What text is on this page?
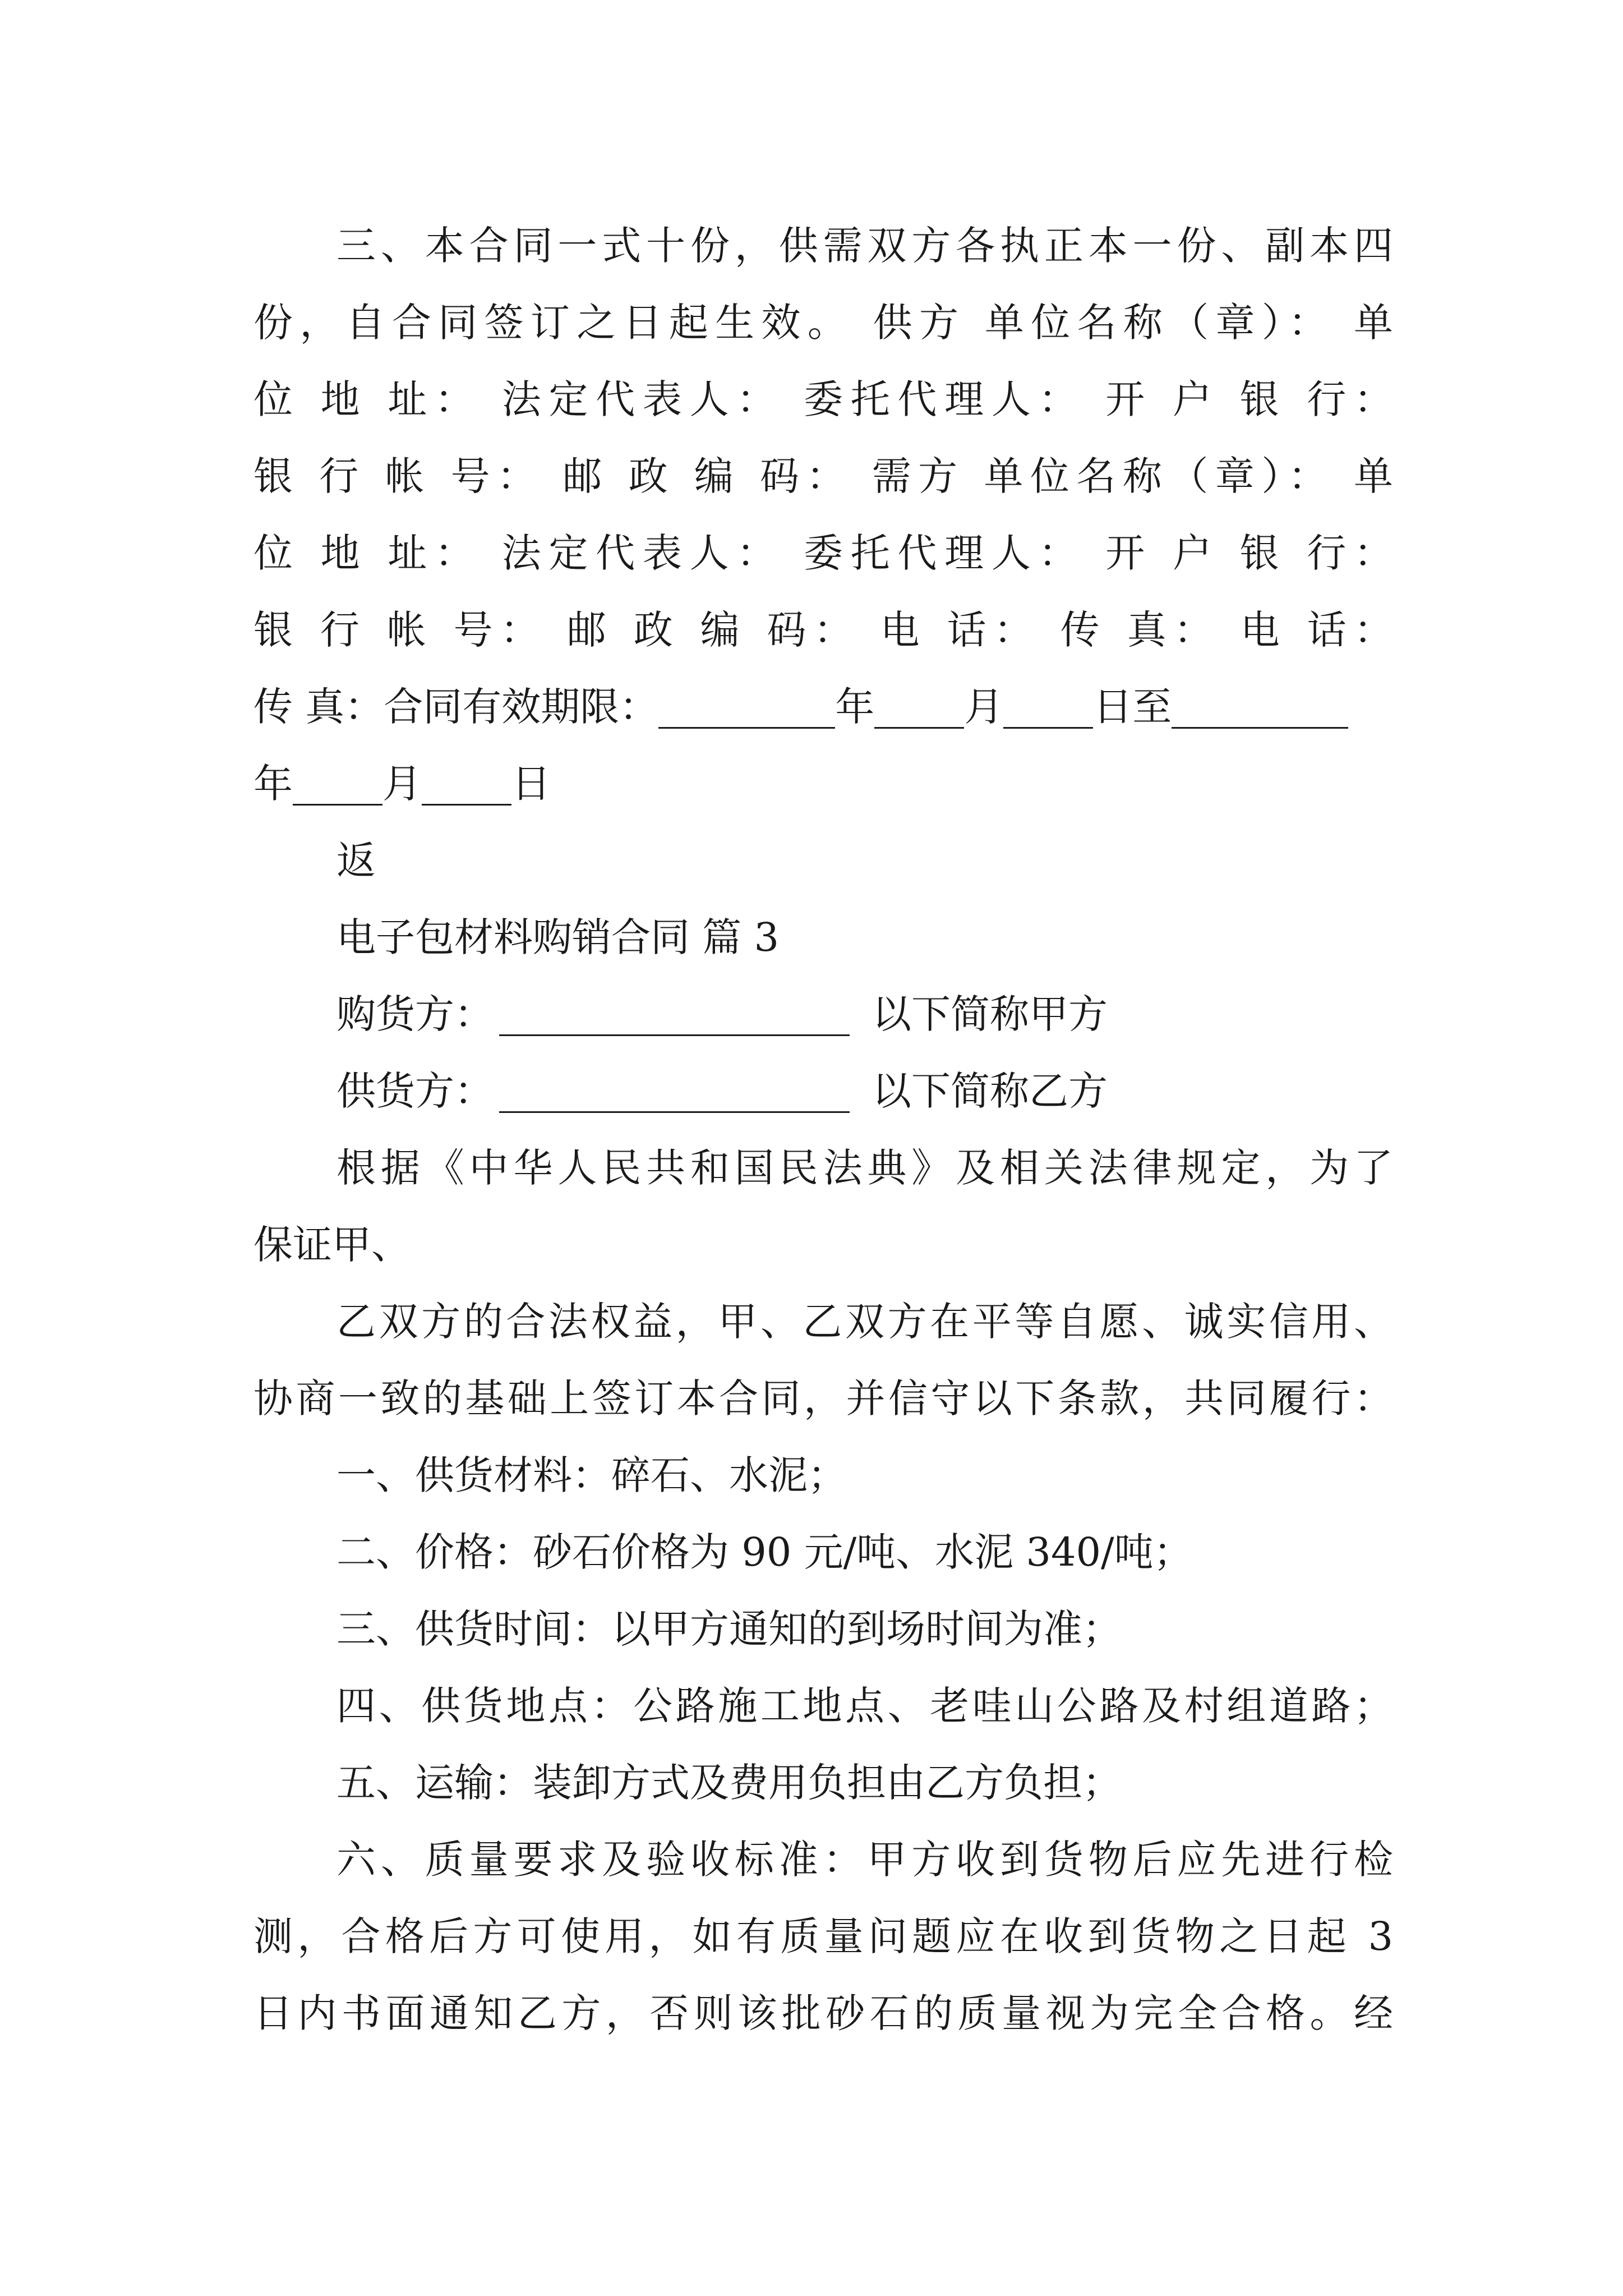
三、本合同一式十份，供需双方各执正本一份、副本四
份，自合同签订之日起生效。 供方 单位名称（章）： 单
位 地 址： 法定代表人： 委托代理人： 开 户 银 行：
银 行 帐 号： 邮 政 编 码： 需方 单位名称（章）： 单
位 地 址： 法定代表人： 委托代理人： 开 户 银 行：
银 行 帐 号： 邮 政 编 码： 电 话： 传 真： 电 话：
传 真：合同有效期限：	年 月 日至
年 月 日
返
电子包材料购销合同 篇 3
购货方：	以下简称甲方
供货方：	以下简称乙方
根据《中华人民共和国民法典》及相关法律规定，为了
保证甲、
乙双方的合法权益，甲、乙双方在平等自愿、诚实信用、
协商一致的基础上签订本合同，并信守以下条款，共同履行：
一、供货材料：碎石、水泥；
二、价格：砂石价格为 90 元/吨、水泥 340/吨；
三、供货时间：以甲方通知的到场时间为准；
四、供货地点：公路施工地点、老哇山公路及村组道路；
五、运输：装卸方式及费用负担由乙方负担；
六、质量要求及验收标准：甲方收到货物后应先进行检
测，合格后方可使用，如有质量问题应在收到货物之日起 3
日内书面通知乙方，否则该批砂石的质量视为完全合格。经
